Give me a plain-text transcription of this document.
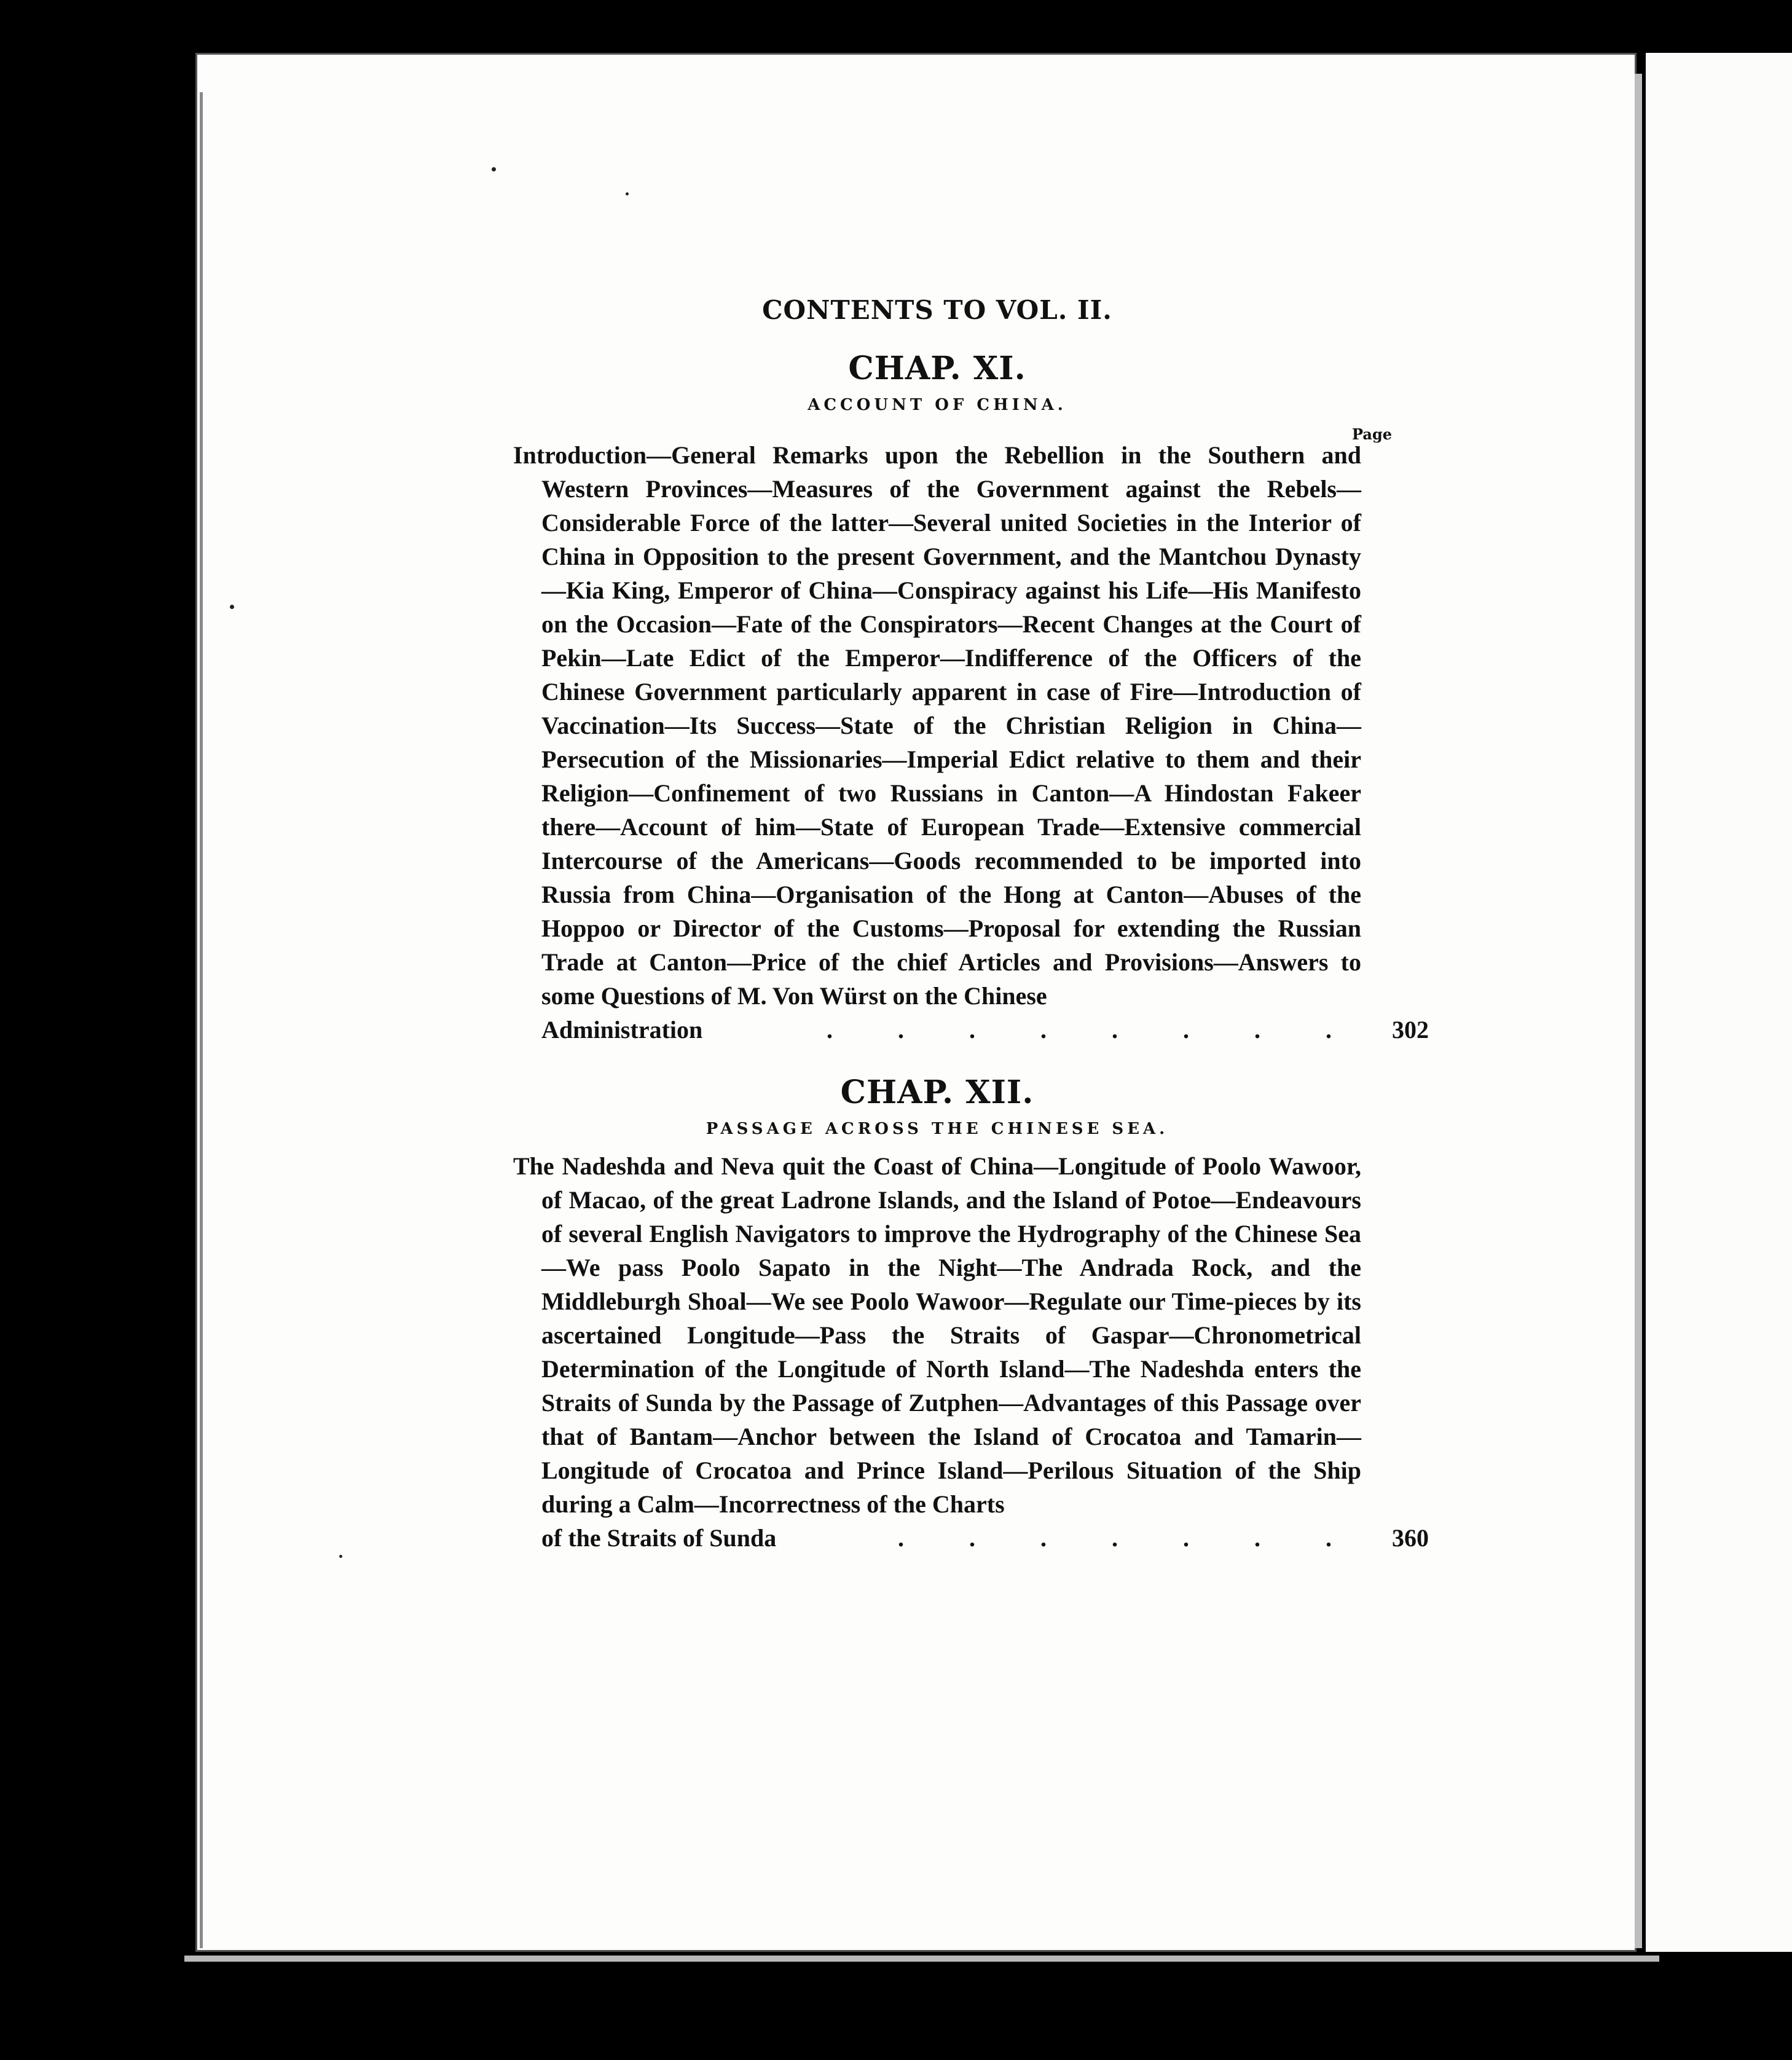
CONTENTS TO VOL. II.
CHAP. XI.
ACCOUNT OF CHINA.
Page

Introduction—General Remarks upon the Rebellion in the Southern and Western Provinces—Measures of the Government against the Rebels—Considerable Force of the latter—Several united Societies in the Interior of China in Opposition to the present Government, and the Mantchou Dynasty—Kia King, Emperor of China—Conspiracy against his Life—His Manifesto on the Occasion—Fate of the Conspirators—Recent Changes at the Court of Pekin—Late Edict of the Emperor—Indifference of the Officers of the Chinese Government particularly apparent in case of Fire—Introduction of Vaccination—Its Success—State of the Christian Religion in China—Persecution of the Missionaries—Imperial Edict relative to them and their Religion—Confinement of two Russians in Canton—A Hindostan Fakeer there—Account of him—State of European Trade—Extensive commercial Intercourse of the Americans—Goods recommended to be imported into Russia from China—Organisation of the Hong at Canton—Abuses of the Hoppoo or Director of the Customs—Proposal for extending the Russian Trade at Canton—Price of the chief Articles and Provisions—Answers to some Questions of M. Von Würst on the Chinese

Administration	. . . . . . . .	302
CHAP. XII.
PASSAGE ACROSS THE CHINESE SEA.

The Nadeshda and Neva quit the Coast of China—Longitude of Poolo Wawoor, of Macao, of the great Ladrone Islands, and the Island of Potoe—Endeavours of several English Navigators to improve the Hydrography of the Chinese Sea—We pass Poolo Sapato in the Night—The Andrada Rock, and the Middleburgh Shoal—We see Poolo Wawoor—Regulate our Time-pieces by its ascertained Longitude—Pass the Straits of Gaspar—Chronometrical Determination of the Longitude of North Island—The Nadeshda enters the Straits of Sunda by the Passage of Zutphen—Advantages of this Passage over that of Bantam—Anchor between the Island of Crocatoa and Tamarin—Longitude of Crocatoa and Prince Island—Perilous Situation of the Ship during a Calm—Incorrectness of the Charts

of the Straits of Sunda	. . . . . . .	360
